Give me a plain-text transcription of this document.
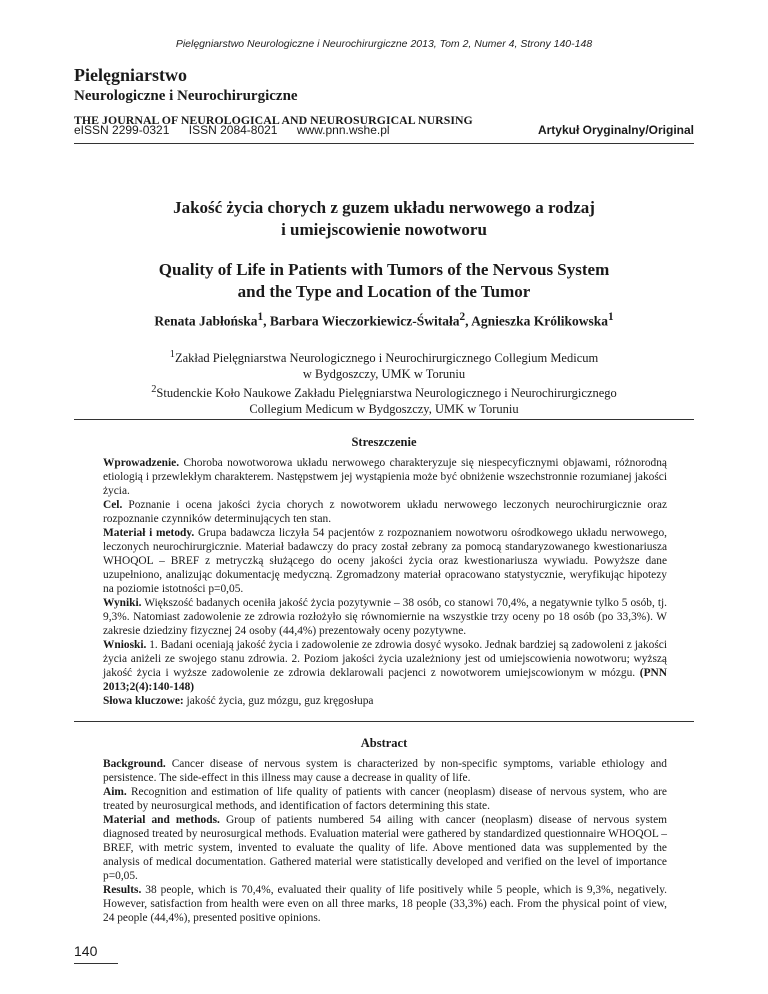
Pielęgniarstwo Neurologiczne i Neurochirurgiczne 2013, Tom 2, Numer 4, Strony 140-148
Pielęgniarstwo
Neurologiczne i Neurochirurgiczne
THE JOURNAL OF NEUROLOGICAL AND NEUROSURGICAL NURSING
eISSN 2299-0321 ISSN 2084-8021 www.pnn.wshe.pl	Artykuł Oryginalny/Original
Jakość życia chorych z guzem układu nerwowego a rodzaj
i umiejscowienie nowotworu
Quality of Life in Patients with Tumors of the Nervous System
and the Type and Location of the Tumor
Renata Jabłońska$^1$, Barbara Wieczorkiewicz-Świtała$^2$, Agnieszka Królikowska$^1$
$^1$Zakład Pielęgniarstwa Neurologicznego i Neurochirurgicznego Collegium Medicum
w Bydgoszczy, UMK w Toruniu
$^2$Studenckie Koło Naukowe Zakładu Pielęgniarstwa Neurologicznego i Neurochirurgicznego
Collegium Medicum w Bydgoszczy, UMK w Toruniu
Streszczenie

Wprowadzenie. Choroba nowotworowa układu nerwowego charakteryzuje się niespecyficznymi objawami, różnorodną etiologią i przewlekłym charakterem. Następstwem jej wystąpienia może być obniżenie wszechstronnie rozumianej jakości życia.

Cel. Poznanie i ocena jakości życia chorych z nowotworem układu nerwowego leczonych neurochirurgicznie oraz rozpoznanie czynników determinujących ten stan.

Materiał i metody. Grupa badawcza liczyła 54 pacjentów z rozpoznaniem nowotworu ośrodkowego układu nerwowego, leczonych neurochirurgicznie. Materiał badawczy do pracy został zebrany za pomocą standaryzowanego kwestionariusza WHOQOL – BREF z metryczką służącego do oceny jakości życia oraz kwestionariusza wywiadu. Powyższe dane uzupełniono, analizując dokumentację medyczną. Zgromadzony materiał opracowano statystycznie, weryfikując hipotezy na poziomie istotności p=0,05.

Wyniki. Większość badanych oceniła jakość życia pozytywnie – 38 osób, co stanowi 70,4%, a negatywnie tylko 5 osób, tj. 9,3%. Natomiast zadowolenie ze zdrowia rozłożyło się równomiernie na wszystkie trzy oceny po 18 osób (po 33,3%). W zakresie dziedziny fizycznej 24 osoby (44,4%) prezentowały oceny pozytywne.

Wnioski. 1. Badani oceniają jakość życia i zadowolenie ze zdrowia dosyć wysoko. Jednak bardziej są zadowoleni z jakości życia aniżeli ze swojego stanu zdrowia. 2. Poziom jakości życia uzależniony jest od umiejscowienia nowotworu; wyższą jakość życia i wyższe zadowolenie ze zdrowia deklarowali pacjenci z nowotworem umiejscowionym w mózgu. (PNN 2013;2(4):140-148)

Słowa kluczowe: jakość życia, guz mózgu, guz kręgosłupa

Abstract

Background. Cancer disease of nervous system is characterized by non-specific symptoms, variable ethiology and persistence. The side-effect in this illness may cause a decrease in quality of life.

Aim. Recognition and estimation of life quality of patients with cancer (neoplasm) disease of nervous system, who are treated by neurosurgical methods, and identification of factors determining this state.

Material and methods. Group of patients numbered 54 ailing with cancer (neoplasm) disease of nervous system diagnosed treated by neurosurgical methods. Evaluation material were gathered by standardized questionnaire WHOQOL – BREF, with metric system, invented to evaluate the quality of life. Above mentioned data was supplemented by the analysis of medical documentation. Gathered material were statistically developed and verified on the level of importance p=0,05.

Results. 38 people, which is 70,4%, evaluated their quality of life positively while 5 people, which is 9,3%, negatively. However, satisfaction from health were even on all three marks, 18 people (33,3%) each. From the physical point of view, 24 people (44,4%), presented positive opinions.

140
